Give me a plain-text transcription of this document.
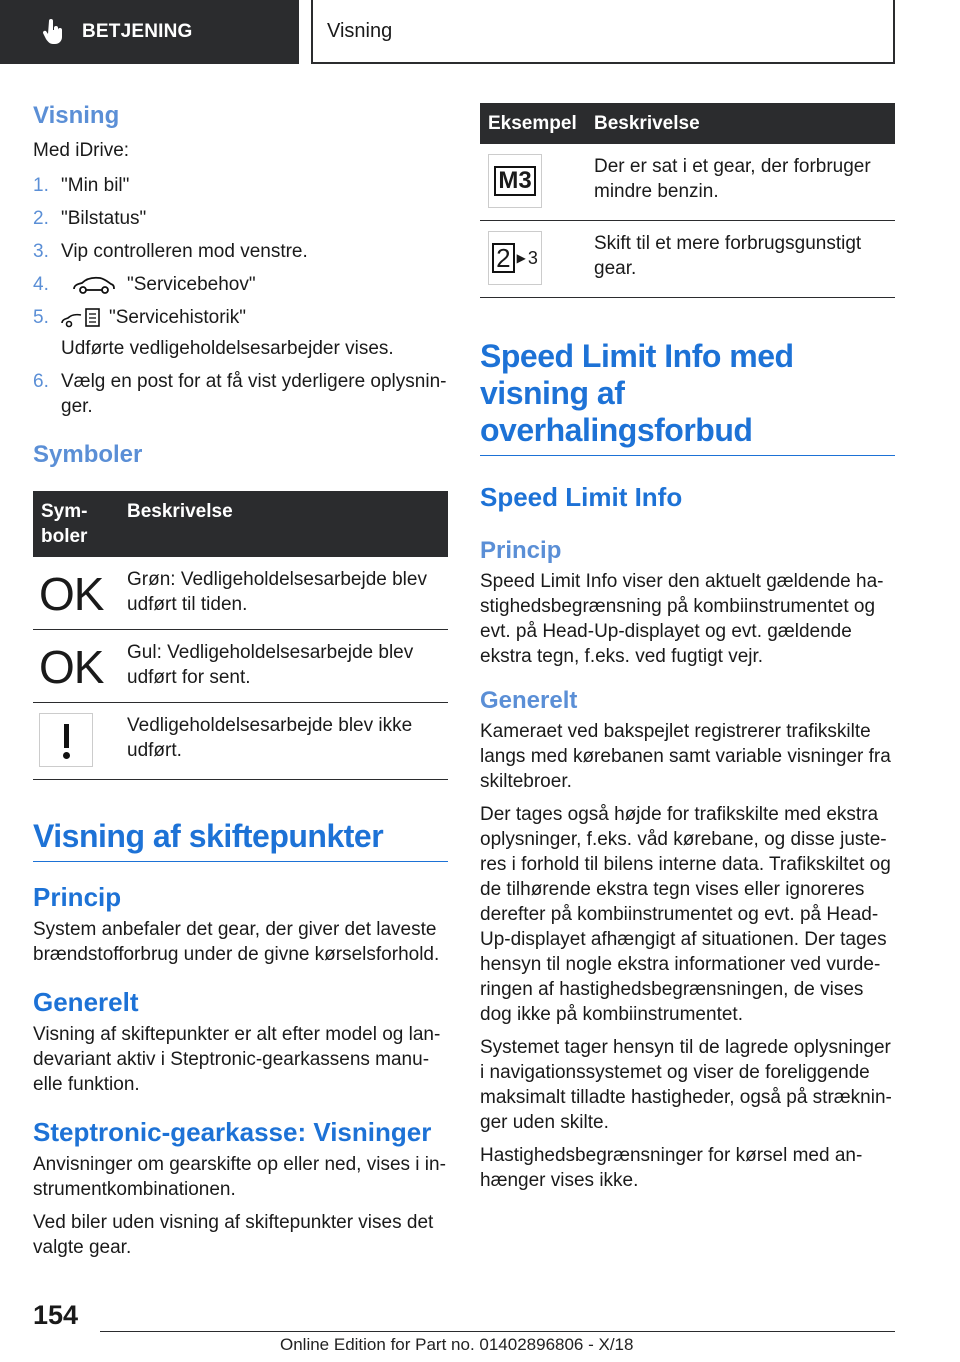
BETJENING	Visning
Visning

Med iDrive:

1. "Min bil"
2. "Bilstatus"
3. Vip controlleren mod venstre.
4.	"Servicebehov"
5.	"Servicehistorik"
Udførte vedligeholdelsesarbejder vises.
6. Vælg en post for at få vist yderligere oplysninger.
Symboler
Symboler	Beskrivelse

OK	Grøn: Vedligeholdelsesarbejde blev udført til tiden.

OK	Gul: Vedligeholdelsesarbejde blev udført for sent.

	Vedligeholdelsesarbejde blev ikke udført.
Visning af skiftepunkter
Princip

System anbefaler det gear, der giver det laveste brændstofforbrug under de givne kørselsforhold.

Generelt

Visning af skiftepunkter er alt efter model og landevariant aktiv i Steptronic-gearkassens manuelle funktion.

Steptronic-gearkasse: Visninger

Anvisninger om gearskifte op eller ned, vises i instrumentkombinationen.

Ved biler uden visning af skiftepunkter vises det valgte gear.

Eksempel	Beskrivelse

M3	Der er sat i et gear, der forbruger mindre benzin.

2 ▶ 3	Skift til et mere forbrugsgunstigt gear.
Speed Limit Info med visning af overhalingsforbud
Speed Limit Info
Princip

Speed Limit Info viser den aktuelt gældende hastighedsbegrænsning på kombiinstrumentet og evt. på Head-Up-displayet og evt. gældende ekstra tegn, f.eks. ved fugtigt vejr.

Generelt

Kameraet ved bakspejlet registrerer trafikskilte langs med kørebanen samt variable visninger fra skiltebroer.

Der tages også højde for trafikskilte med ekstra oplysninger, f.eks. våd kørebane, og disse justeres i forhold til bilens interne data. Trafikskiltet og de tilhørende ekstra tegn vises eller ignoreres derefter på kombiinstrumentet og evt. på Head-Up-displayet afhængigt af situationen. Der tages hensyn til nogle ekstra informationer ved vurderingen af hastighedsbegrænsningen, de vises dog ikke på kombiinstrumentet.

Systemet tager hensyn til de lagrede oplysninger i navigationssystemet og viser de foreliggende maksimalt tilladte hastigheder, også på strækninger uden skilte.

Hastighedsbegrænsninger for kørsel med anhænger vises ikke.

154
Online Edition for Part no. 01402896806 - X/18
